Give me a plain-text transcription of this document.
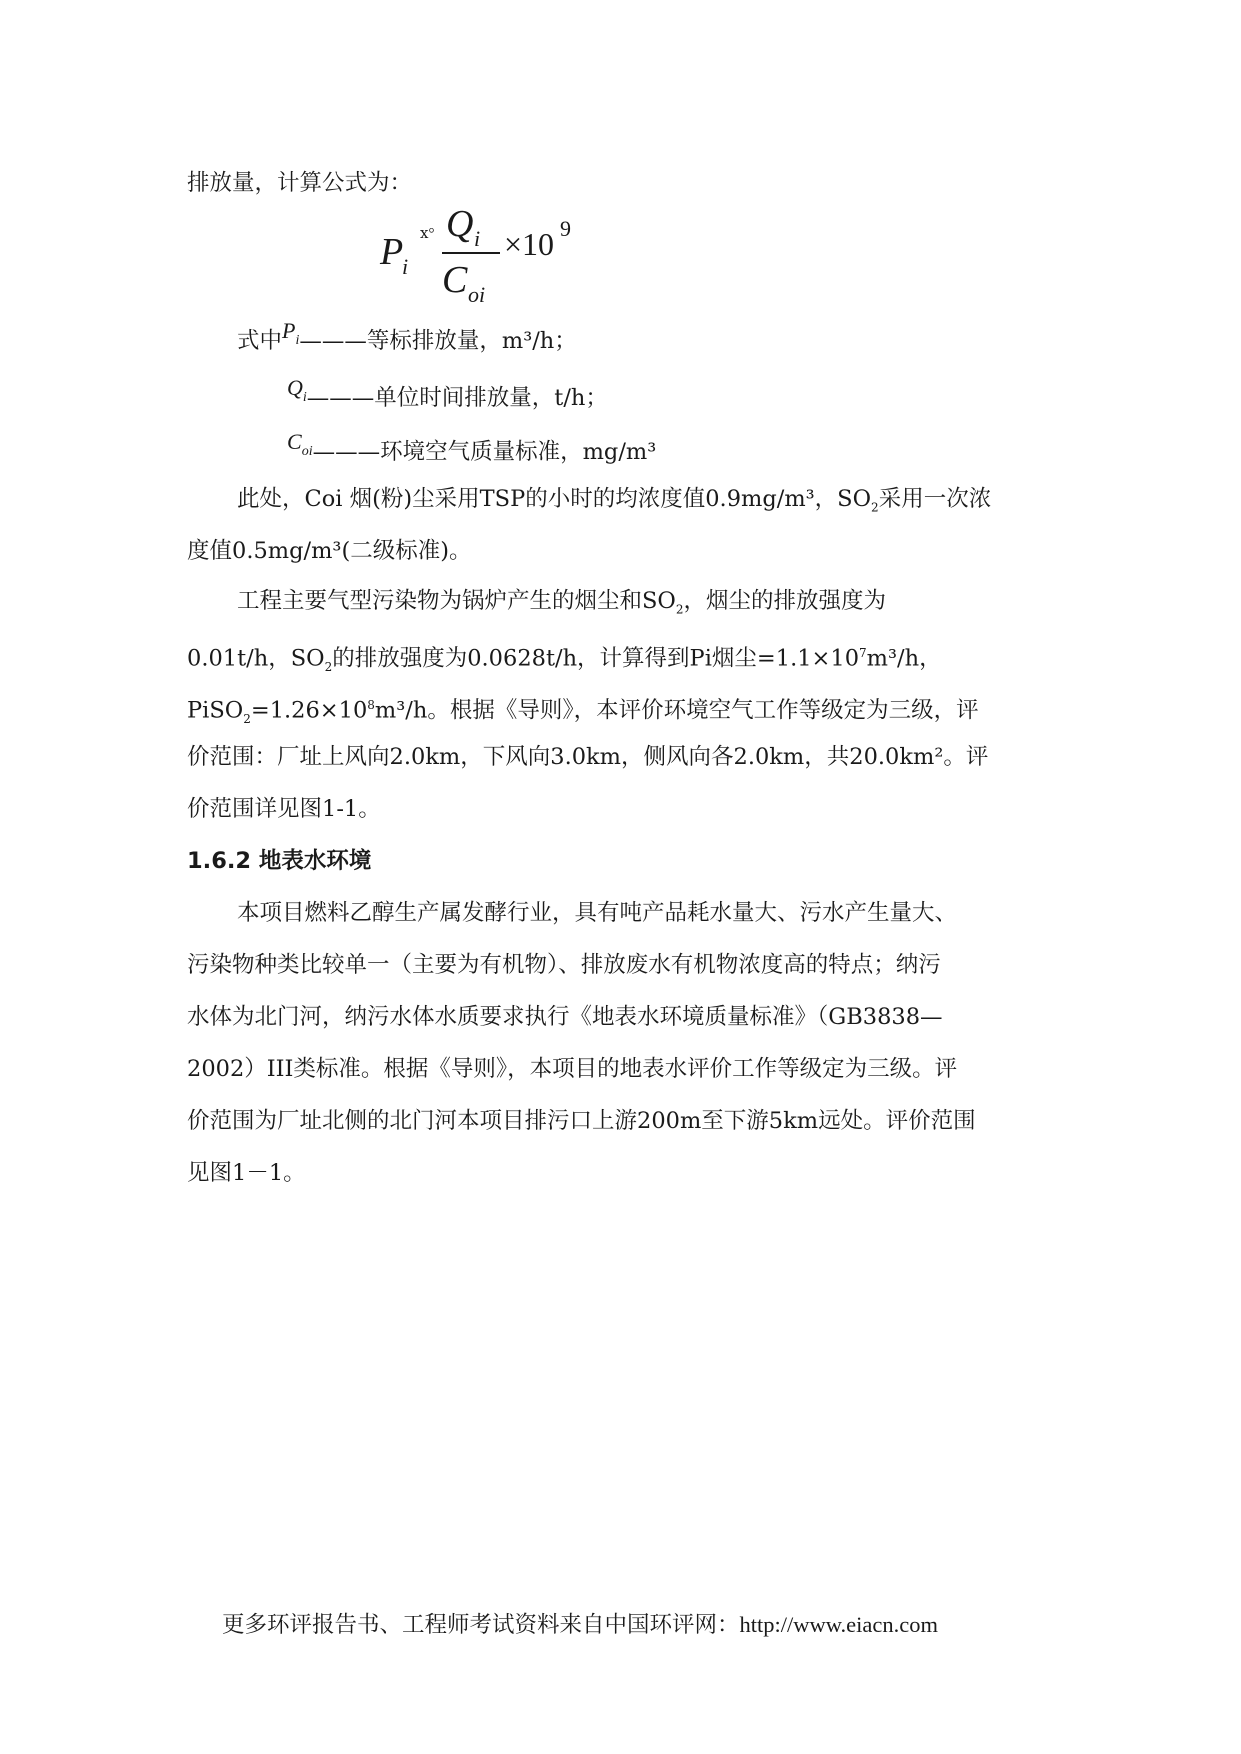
排放量，计算公式为：
P
i
ⅹ° Q i
C oi
× 10 9
式中Pi———等标排放量，m³/h；
Qi———单位时间排放量，t/h；
Coi———环境空气质量标准，mg/m³
此处，Coi 烟(粉)尘采用TSP的小时的均浓度值0.9mg/m³，$SO_2$采用一次浓
度值0.5mg/m³(二级标准)。
工程主要气型污染物为锅炉产生的烟尘和$SO_2$，烟尘的排放强度为
0.01t/h，$SO_2$的排放强度为0.0628t/h，计算得到Pi烟尘$=1.1\times 10^7m^3/h$，
$PiSO_2=1.26\times 10^8m^3/h$。根据《导则》，本评价环境空气工作等级定为三级，评
价范围：厂址上风向2.0km，下风向3.0km，侧风向各2.0km，共20.0km²。评
价范围详见图1-1。
1.6.2 地表水环境
本项目燃料乙醇生产属发酵行业，具有吨产品耗水量大、污水产生量大、
污染物种类比较单一（主要为有机物）、排放废水有机物浓度高的特点；纳污
水体为北门河，纳污水体水质要求执行《地表水环境质量标准》（GB3838—
2002）III类标准。根据《导则》，本项目的地表水评价工作等级定为三级。评
价范围为厂址北侧的北门河本项目排污口上游200m至下游5km远处。评价范围
见图1－1。
更多环评报告书、工程师考试资料来自中国环评网：http://www.eiacn.com
